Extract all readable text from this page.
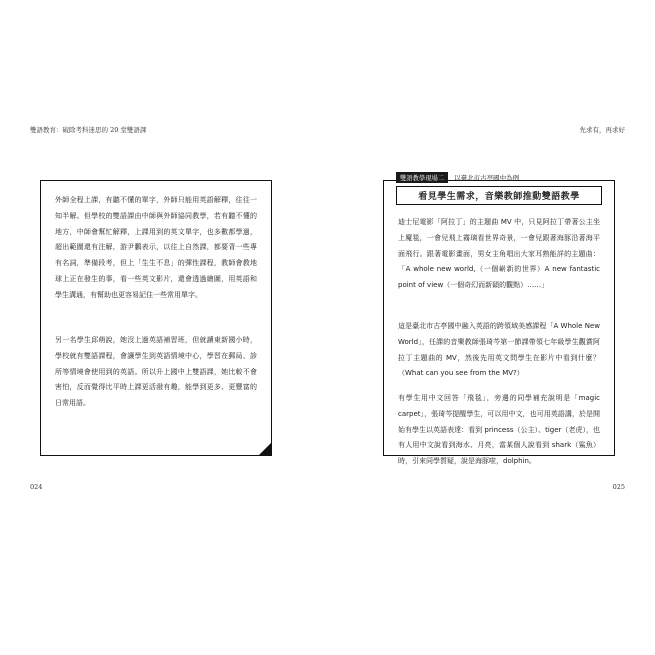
雙語教育：破除考科迷思的 20 堂雙語課	先求有，再求好
外師全程上課，有聽不懂的單字，外師只能用英語解釋，往往一知半解。但學校的雙語課由中師與外師協同教學，若有聽不懂的地方，中師會幫忙解釋，上課用到的英文單字，也多數都學過，超出範圍還有注解，游尹鵬表示，以往上自然課，都要背一些專有名詞，準備段考，但上「生生不息」的彈性課程，教師會教地球上正在發生的事，看一些英文影片，還會透過繪圖，用英語和學生溝通，有幫助也更容易記住一些常用單字。
另一名學生邱萌說，她沒上過英語補習班，但就讀東新國小時，學校就有雙語課程，會讓學生到英語情境中心，學習在郵局、診所等情境會使用到的英語。所以升上國中上雙語課，她比較不會害怕，反而覺得比平時上課更活潑有趣，能學到更多、更豐富的日常用語。
迪士尼電影「阿拉丁」的主題曲 MV 中，只見阿拉丁帶著公主坐上魔毯，一會兒飛上霧璃看世界奇景，一會兒跟著海豚沿著海平面飛行。跟著電影畫面，男女主角唱出大家耳熟能詳的主題曲：「A whole new world,（一個嶄新的世界）A new fantastic point of view（一個奇幻而新穎的觀點）……」
這是臺北市古亭國中融入英語的跨領域美感課程「A Whole New World」，任課的音樂教師張琦芩第一節課帶領七年級學生觀賞阿拉丁主題曲的 MV，然後先用英文問學生在影片中看到什麼？（What can you see from the MV?）
有學生用中文回答「飛毯」，旁邊的同學補充說明是「magic carpet」，張琦芩提醒學生，可以用中文，也可用英語講，於是開始有學生以英語表達：看到 princess（公主）、tiger（老虎），也有人用中文說看到海水、月亮，當某個人說看到 shark（鯊魚）時，引來同學質疑，說是海豚啦，dolphin。
雙語教學現場二	以臺北市古亭國中為例
看見學生需求，音樂教師推動雙語教學
024	025
